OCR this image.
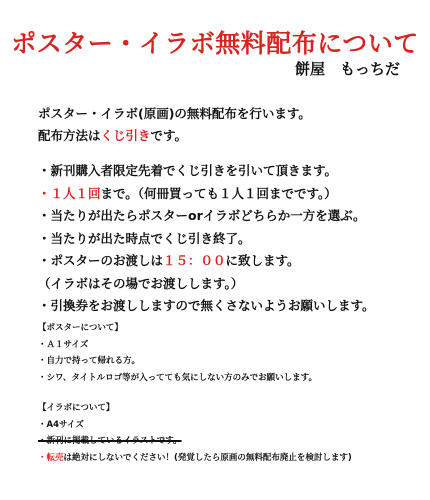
ポスター・イラボ無料配布について
餅屋　もっちだ
ポスター・イラボ(原画)の無料配布を行います。
配布方法はくじ引きです。
・新刊購入者限定先着でくじ引きを引いて頂きます。
・１人１回まで。（何冊買っても１人１回までです。）
・当たりが出たらポスターorイラボどちらか一方を選ぶ。
・当たりが出た時点でくじ引き終了。
・ポスターのお渡しは１５：００に致します。
（イラボはその場でお渡しします。）
・引換券をお渡ししますので無くさないようお願いします。
【ポスターについて】
・Ａ１サイズ
・自力で持って帰れる方。
・シワ、タイトルロゴ等が入ってても気にしない方のみでお願いします。
【イラボについて】
・A4サイズ
・新刊に掲載しているイラストです。
・転売は絶対にしないでください！(発覚したら原画の無料配布廃止を検討します)
